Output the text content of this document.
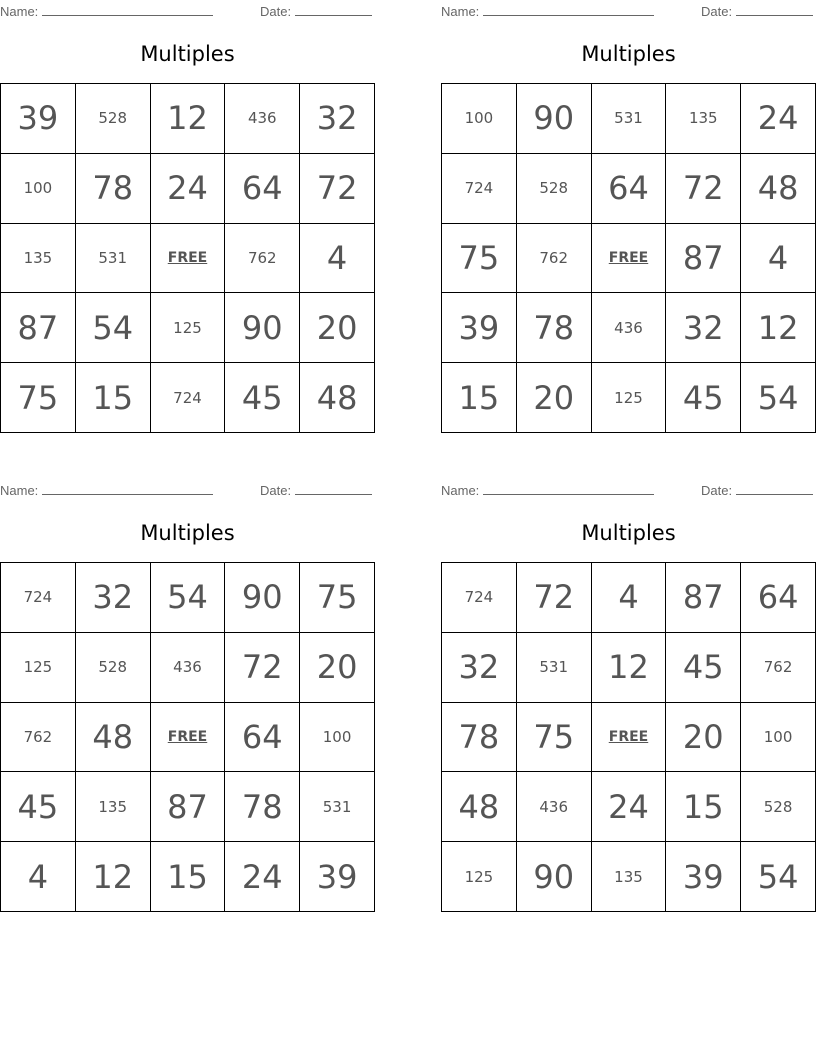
Name:	Date:
Multiples
39	528	12	436	32
100	78	24	64	72
135	531	FREE	762	4
87	54	125	90	20
75	15	724	45	48
Name:	Date:
Multiples
100	90	531	135	24
724	528	64	72	48
75	762	FREE	87	4
39	78	436	32	12
15	20	125	45	54
Name:	Date:
Multiples
724	32	54	90	75
125	528	436	72	20
762	48	FREE	64	100
45	135	87	78	531
4	12	15	24	39
Name:	Date:
Multiples
724	72	4	87	64
32	531	12	45	762
78	75	FREE	20	100
48	436	24	15	528
125	90	135	39	54
